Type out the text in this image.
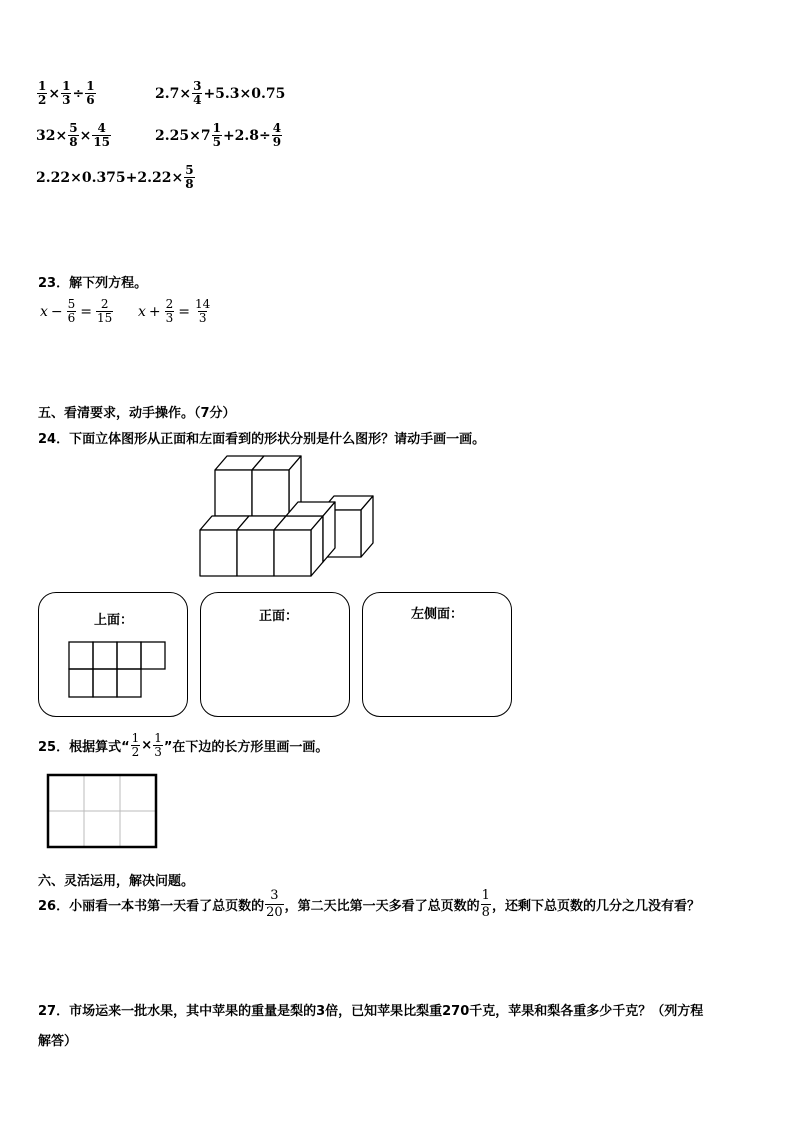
$\frac{1}{2} \times \frac{1}{3} \div \frac{1}{6}$	$2.7\times \frac{3}{4} +5.3\times 0.75$
$32\times \frac{5}{8} \times \frac{4}{15}$	$2.25\times 7 \frac{1}{5} +2.8\div \frac{4}{9}$
$2.22\times 0.375+2.22\times \frac{5}{8}$
23．解下列方程。
$x - \frac{5}{6} = \frac{2}{15}$ $x + \frac{2}{3} = \frac{14}{3}$
五、看清要求，动手操作。（7分）
24．下面立体图形从正面和左面看到的形状分别是什么图形？请动手画一画。
上面：	正面：	左侧面：
25．根据算式“ $\frac{1}{2} \times \frac{1}{3}$ ”在下边的长方形里画一画。
六、灵活运用，解决问题。
26．小丽看一本书第一天看了总页数的 $\frac{3}{20}$ ，第二天比第一天多看了总页数的 $\frac{1}{8}$ ，还剩下总页数的几分之几没有看？
27．市场运来一批水果，其中苹果的重量是梨的3倍，已知苹果比梨重270千克，苹果和梨各重多少千克？（列方程
解答）
